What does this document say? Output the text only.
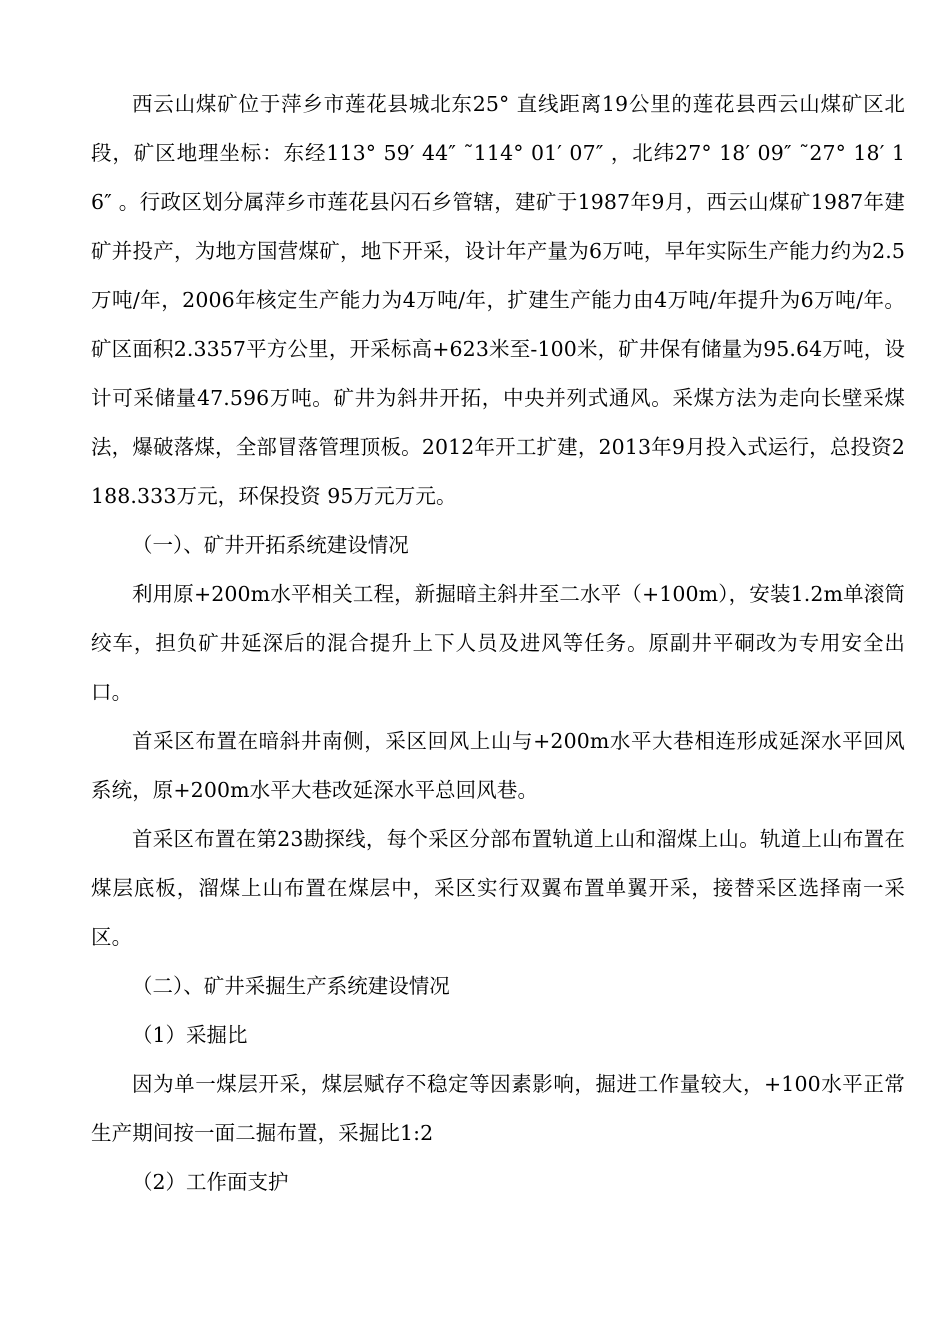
西云山煤矿位于萍乡市莲花县城北东25° 直线距离19公里的莲花县西云山煤矿区北段，矿区地理坐标：东经113° 59′ 44″ ˜114° 01′ 07″ ，北纬27° 18′ 09″ ˜27° 18′ 16″ 。行政区划分属萍乡市莲花县闪石乡管辖，建矿于1987年9月，西云山煤矿1987年建矿并投产，为地方国营煤矿，地下开采，设计年产量为6万吨，早年实际生产能力约为2.5万吨/年，2006年核定生产能力为4万吨/年，扩建生产能力由4万吨/年提升为6万吨/年。矿区面积2.3357平方公里，开采标高+623米至-100米，矿井保有储量为95.64万吨，设计可采储量47.596万吨。矿井为斜井开拓，中央并列式通风。采煤方法为走向长壁采煤法，爆破落煤，全部冒落管理顶板。2012年开工扩建，2013年9月投入式运行，总投资2188.333万元，环保投资 95万元万元。

（一）、矿井开拓系统建设情况

利用原+200m水平相关工程，新掘暗主斜井至二水平（+100m），安装1.2m单滚筒绞车，担负矿井延深后的混合提升上下人员及进风等任务。原副井平硐改为专用安全出口。

首采区布置在暗斜井南侧，采区回风上山与+200m水平大巷相连形成延深水平回风系统，原+200m水平大巷改延深水平总回风巷。

首采区布置在第23勘探线，每个采区分部布置轨道上山和溜煤上山。轨道上山布置在煤层底板，溜煤上山布置在煤层中，采区实行双翼布置单翼开采，接替采区选择南一采区。

（二）、矿井采掘生产系统建设情况

（1）采掘比

因为单一煤层开采，煤层赋存不稳定等因素影响，掘进工作量较大，+100水平正常生产期间按一面二掘布置，采掘比1:2

（2）工作面支护
